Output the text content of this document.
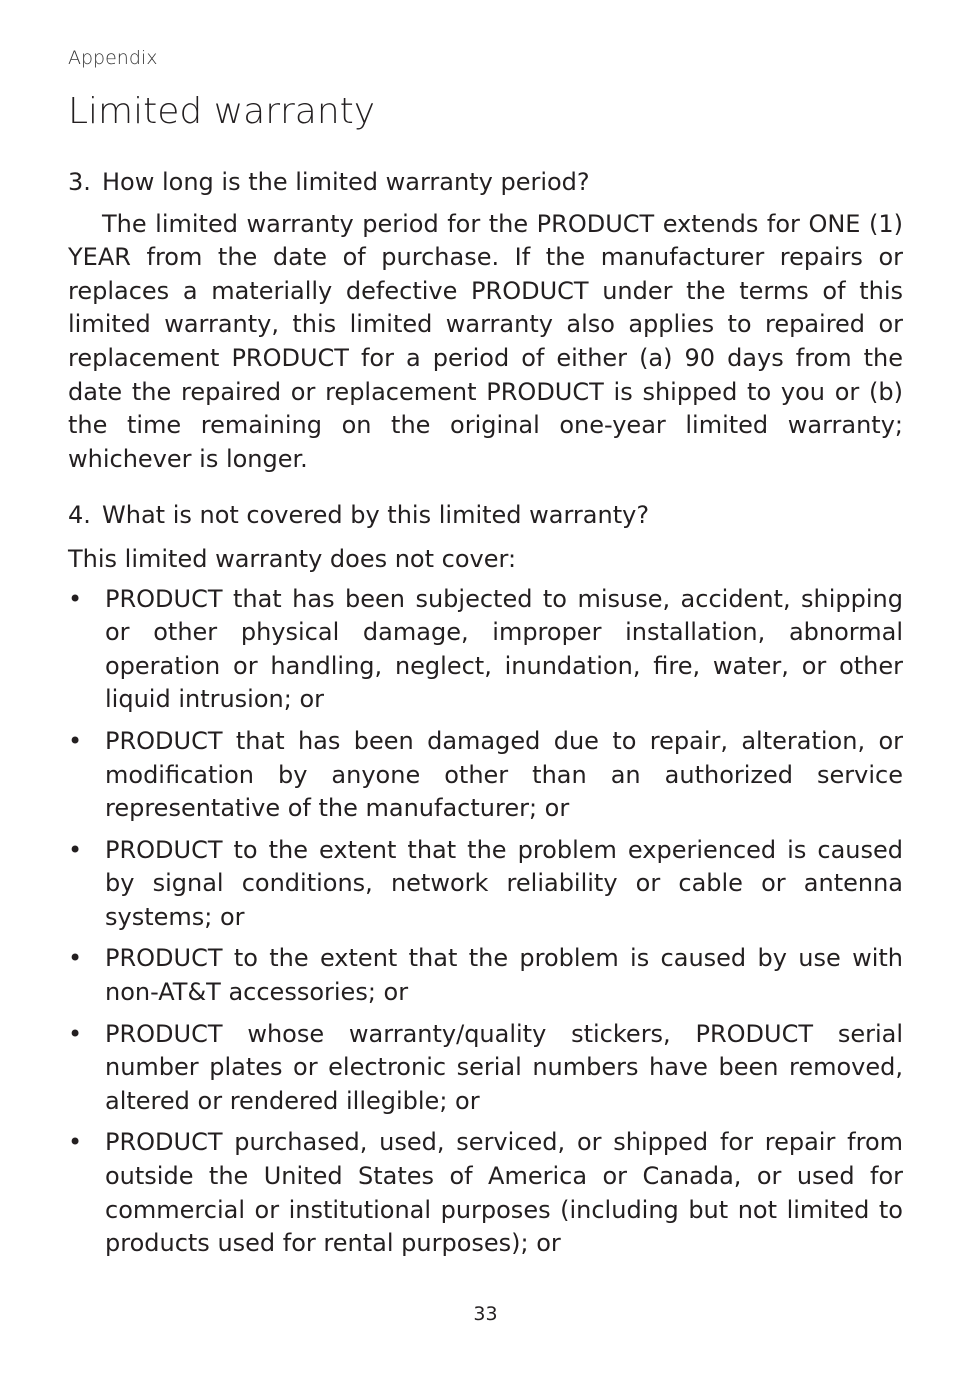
Appendix
Limited warranty
3. How long is the limited warranty period?

The limited warranty period for the PRODUCT extends for ONE (1) YEAR from the date of purchase. If the manufacturer repairs or replaces a materially defective PRODUCT under the terms of this limited warranty, this limited warranty also applies to repaired or replacement PRODUCT for a period of either (a) 90 days from the date the repaired or replacement PRODUCT is shipped to you or (b) the time remaining on the original one-year limited warranty; whichever is longer.

4. What is not covered by this limited warranty?

This limited warranty does not cover:

• PRODUCT that has been subjected to misuse, accident, shipping or other physical damage, improper installation, abnormal operation or handling, neglect, inundation, fire, water, or other liquid intrusion; or
• PRODUCT that has been damaged due to repair, alteration, or modification by anyone other than an authorized service representative of the manufacturer; or
• PRODUCT to the extent that the problem experienced is caused by signal conditions, network reliability or cable or antenna systems; or
• PRODUCT to the extent that the problem is caused by use with non-AT&T accessories; or
• PRODUCT whose warranty/quality stickers, PRODUCT serial number plates or electronic serial numbers have been removed, altered or rendered illegible; or
• PRODUCT purchased, used, serviced, or shipped for repair from outside the United States of America or Canada, or used for commercial or institutional purposes (including but not limited to products used for rental purposes); or
33
